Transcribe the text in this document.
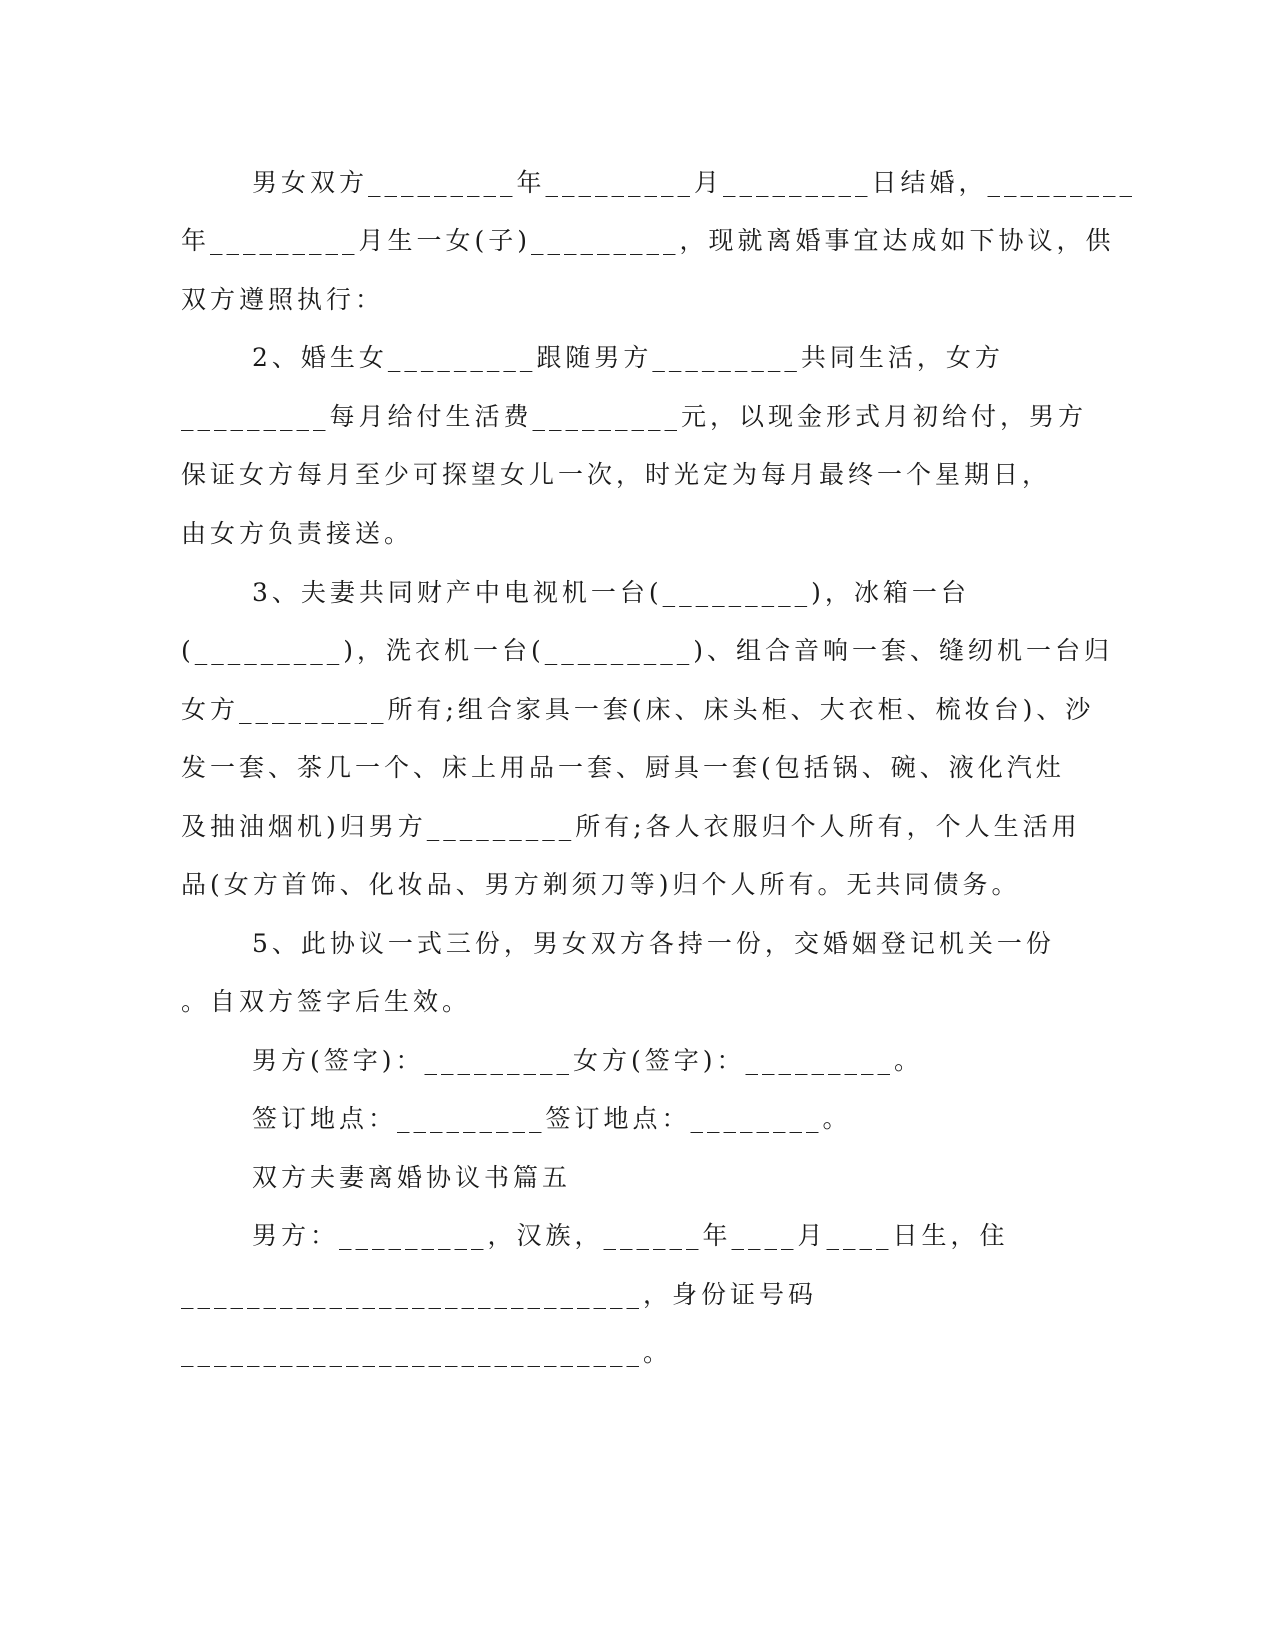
男女双方_________年_________月_________日结婚，_________
年_________月生一女(子)_________，现就离婚事宜达成如下协议，供
双方遵照执行：
2、婚生女_________跟随男方_________共同生活，女方
_________每月给付生活费_________元，以现金形式月初给付，男方
保证女方每月至少可探望女儿一次，时光定为每月最终一个星期日，
由女方负责接送。
3、夫妻共同财产中电视机一台(_________)，冰箱一台
(_________)，洗衣机一台(_________)、组合音响一套、缝纫机一台归
女方_________所有;组合家具一套(床、床头柜、大衣柜、梳妆台)、沙
发一套、茶几一个、床上用品一套、厨具一套(包括锅、碗、液化汽灶
及抽油烟机)归男方_________所有;各人衣服归个人所有，个人生活用
品(女方首饰、化妆品、男方剃须刀等)归个人所有。无共同债务。
5、此协议一式三份，男女双方各持一份，交婚姻登记机关一份
。自双方签字后生效。
男方(签字)：_________女方(签字)：_________。
签订地点：_________签订地点：________。
双方夫妻离婚协议书篇五
男方：_________，汉族，______年____月____日生，住
____________________________，身份证号码
____________________________。
